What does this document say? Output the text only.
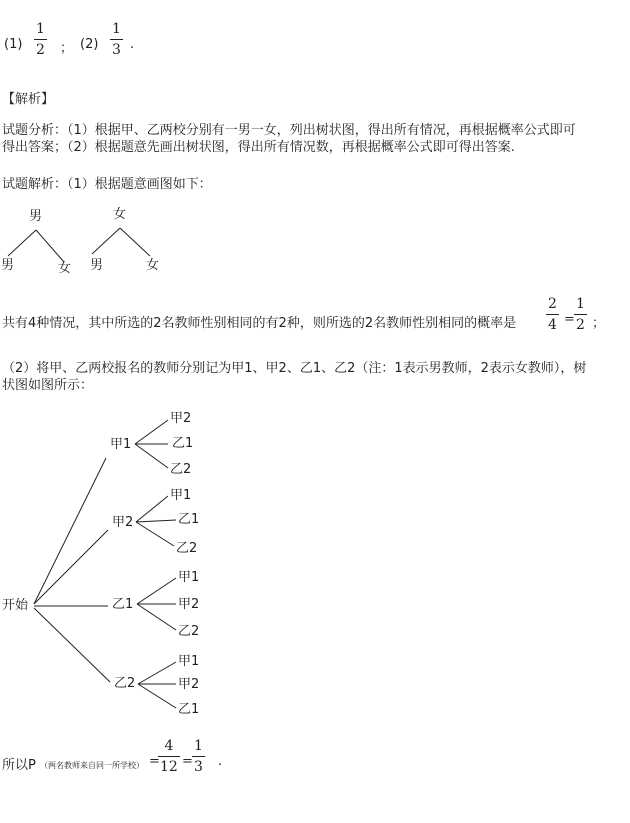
(1)
1
2 ； (2)
1
3 .
【解析】
试题分析：（1）根据甲、乙两校分别有一男一女，列出树状图，得出所有情况，再根据概率公式即可
得出答案；（2）根据题意先画出树状图，得出所有情况数，再根据概率公式即可得出答案.
试题解析：（1）根据题意画图如下：
男	女
男	女 男	女
共有4种情况，其中所选的2名教师性别相同的有2种，则所选的2名教师性别相同的概率是
2
4 =
1
2 ；
（2）将甲、乙两校报名的教师分别记为甲1、甲2、乙1、乙2（注：1表示男教师，2表示女教师），树
状图如图所示：
开始
甲1
甲2
乙1
乙2
甲2
乙1
乙2
甲1
乙1
乙2
甲1
甲2
乙2
甲1
甲2
乙1
所以P （两名教师来自同一所学校） =
4
12 =
1
3 .
